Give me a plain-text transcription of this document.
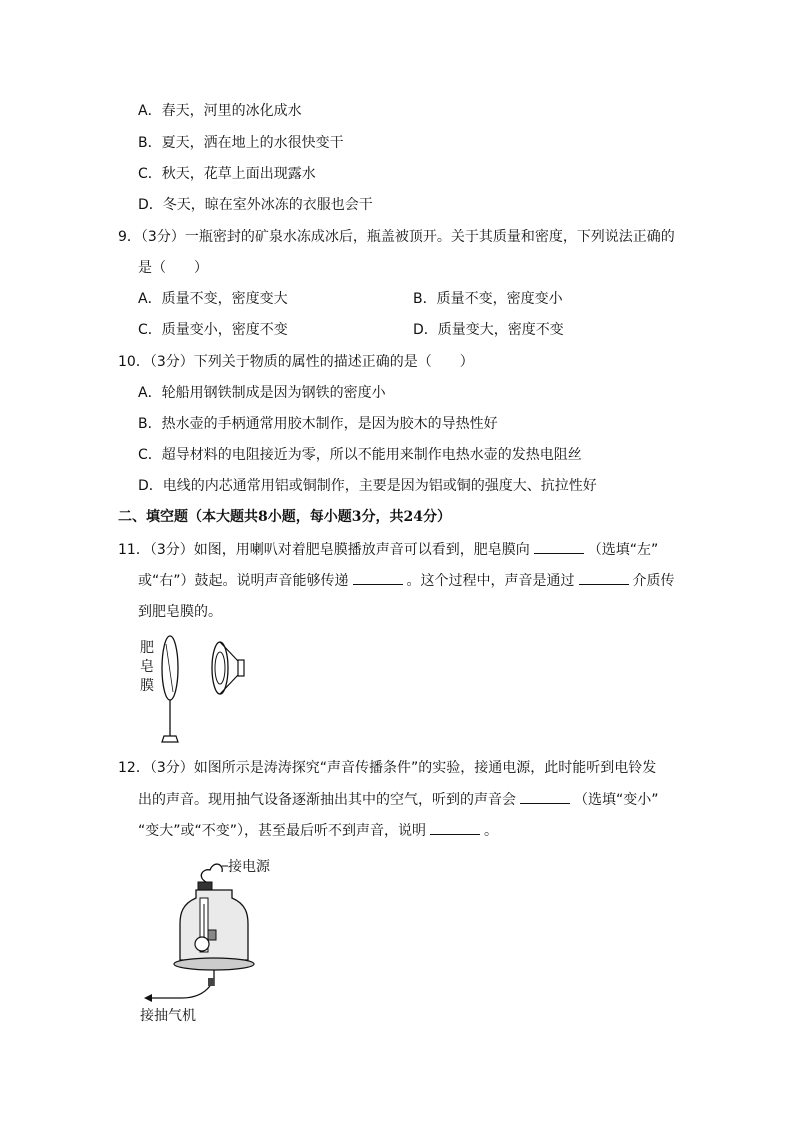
A．春天，河里的冰化成水
B．夏天，洒在地上的水很快变干
C．秋天，花草上面出现露水
D．冬天，晾在室外冰冻的衣服也会干
9．（3分）一瓶密封的矿泉水冻成冰后，瓶盖被顶开。关于其质量和密度，下列说法正确的
是（　　）
A．质量不变，密度变大	B．质量不变，密度变小
C．质量变小，密度不变	D．质量变大，密度不变
10．（3分）下列关于物质的属性的描述正确的是（　　）
A．轮船用钢铁制成是因为钢铁的密度小
B．热水壶的手柄通常用胶木制作，是因为胶木的导热性好
C．超导材料的电阻接近为零，所以不能用来制作电热水壶的发热电阻丝
D．电线的内芯通常用铝或铜制作，主要是因为铝或铜的强度大、抗拉性好
二、填空题（本大题共8小题，每小题3分，共24分）
11．（3分）如图，用喇叭对着肥皂膜播放声音可以看到，肥皂膜向	（选填“左”
或“右”）鼓起。说明声音能够传递	。这个过程中，声音是通过	介质传
到肥皂膜的。
肥
皂
膜
12．（3分）如图所示是涛涛探究“声音传播条件”的实验，接通电源，此时能听到电铃发
出的声音。现用抽气设备逐渐抽出其中的空气，听到的声音会	（选填“变小”
“变大”或“不变”），甚至最后听不到声音，说明	。
接电源
接抽气机
